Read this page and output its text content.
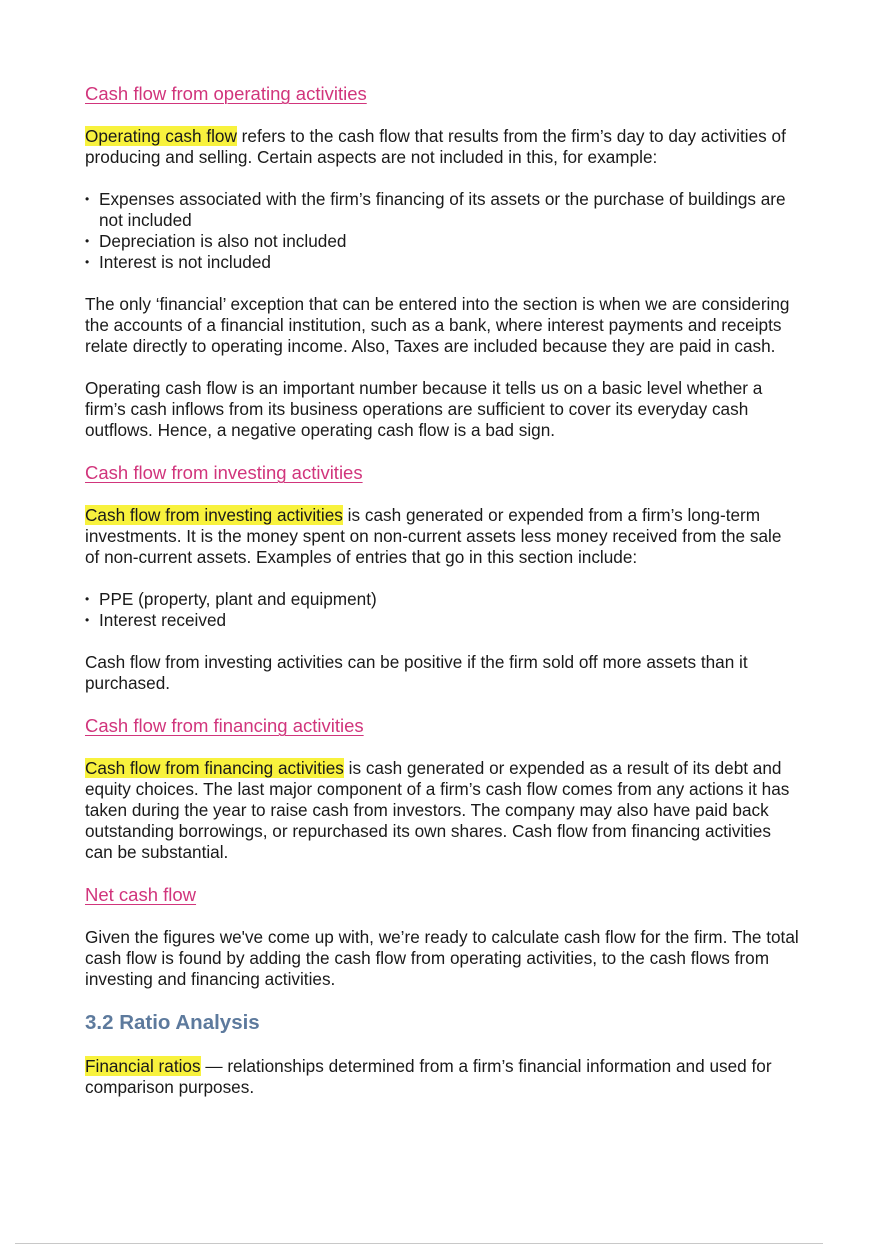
Cash flow from operating activities

Operating cash flow refers to the cash flow that results from the firm’s day to day activities of producing and selling. Certain aspects are not included in this, for example:

• Expenses associated with the firm’s financing of its assets or the purchase of buildings are not included
• Depreciation is also not included
• Interest is not included

The only ‘financial’ exception that can be entered into the section is when we are considering the accounts of a financial institution, such as a bank, where interest payments and receipts relate directly to operating income. Also, Taxes are included because they are paid in cash.

Operating cash flow is an important number because it tells us on a basic level whether a firm’s cash inflows from its business operations are sufficient to cover its everyday cash outflows. Hence, a negative operating cash flow is a bad sign.

Cash flow from investing activities

Cash flow from investing activities is cash generated or expended from a firm’s long-term investments. It is the money spent on non-current assets less money received from the sale of non-current assets. Examples of entries that go in this section include:

• PPE (property, plant and equipment)
• Interest received

Cash flow from investing activities can be positive if the firm sold off more assets than it purchased.

Cash flow from financing activities

Cash flow from financing activities is cash generated or expended as a result of its debt and equity choices. The last major component of a firm’s cash flow comes from any actions it has taken during the year to raise cash from investors. The company may also have paid back outstanding borrowings, or repurchased its own shares. Cash flow from financing activities can be substantial.

Net cash flow

Given the figures we've come up with, we’re ready to calculate cash flow for the firm. The total cash flow is found by adding the cash flow from operating activities, to the cash flows from investing and financing activities.

3.2 Ratio Analysis

Financial ratios — relationships determined from a firm’s financial information and used for comparison purposes.
